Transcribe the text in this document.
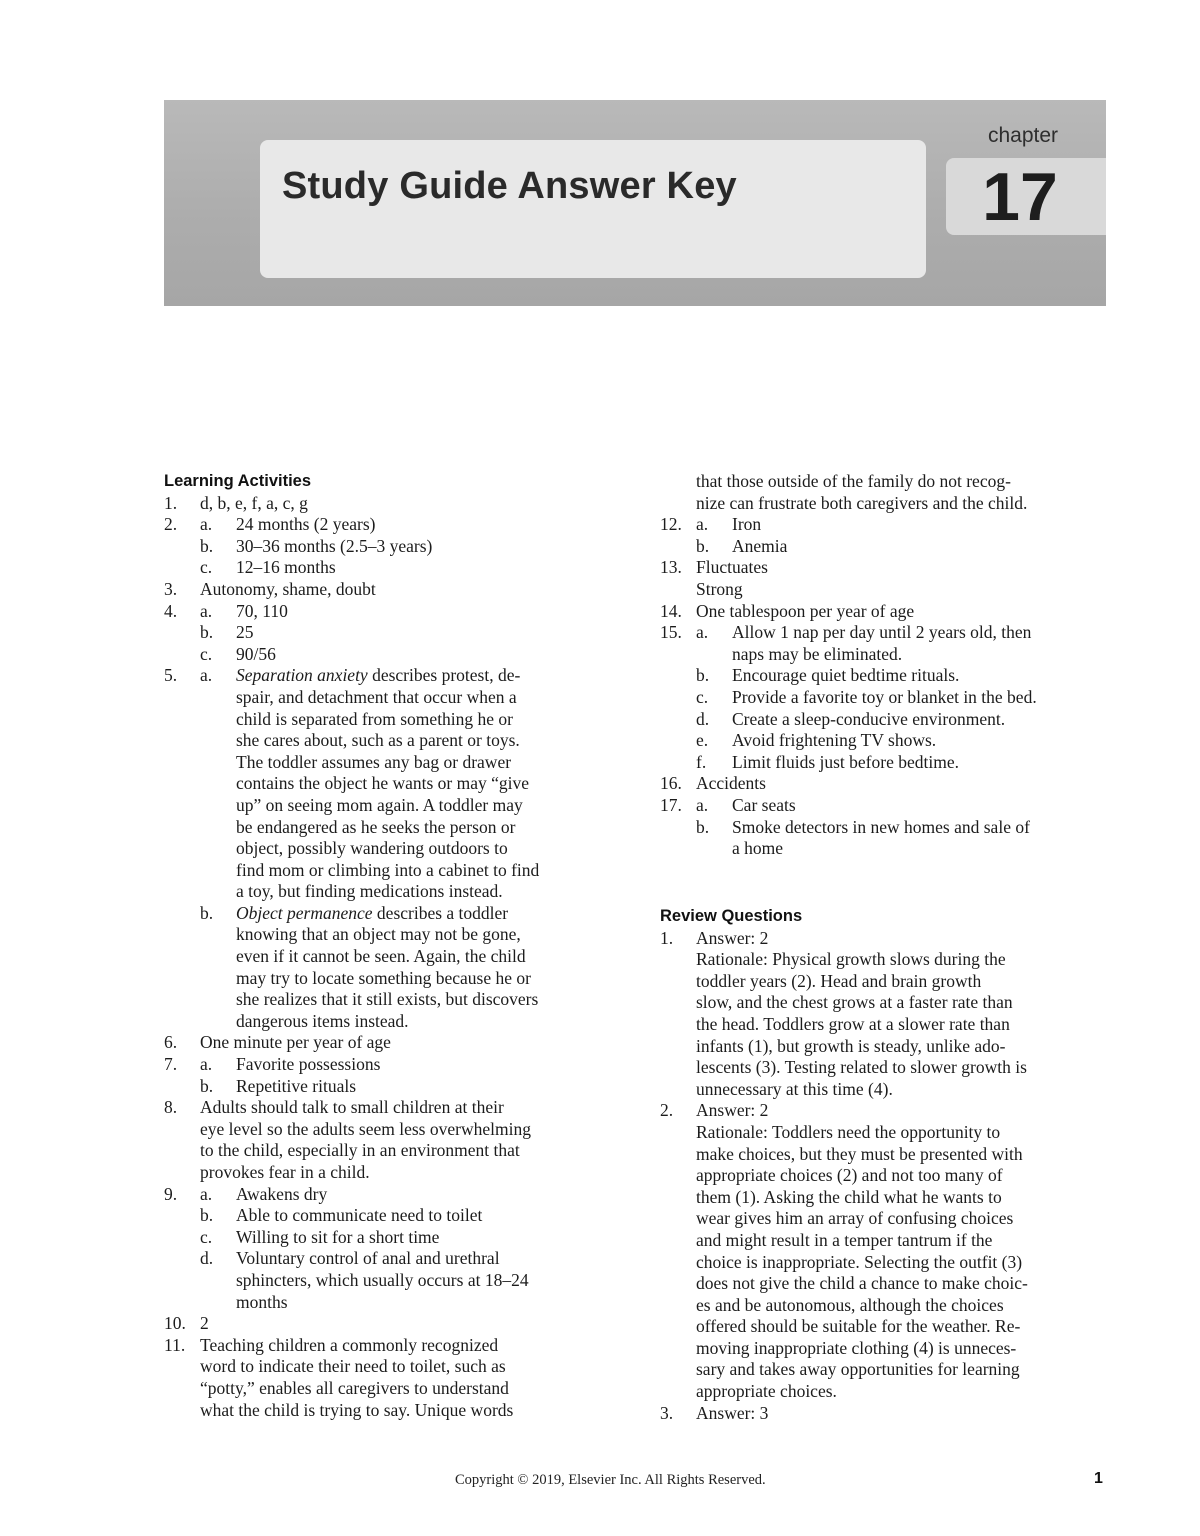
Study Guide Answer Key
chapter
17
Learning Activities
1. d, b, e, f, a, c, g
2. a. 24 months (2 years)
b. 30–36 months (2.5–3 years)
c. 12–16 months
3. Autonomy, shame, doubt
4. a. 70, 110
b. 25
c. 90/56
5. a. Separation anxiety describes protest, de-
spair, and detachment that occur when a
child is separated from something he or
she cares about, such as a parent or toys.
The toddler assumes any bag or drawer
contains the object he wants or may “give
up” on seeing mom again. A toddler may
be endangered as he seeks the person or
object, possibly wandering outdoors to
find mom or climbing into a cabinet to find
a toy, but finding medications instead.
b. Object permanence describes a toddler
knowing that an object may not be gone,
even if it cannot be seen. Again, the child
may try to locate something because he or
she realizes that it still exists, but discovers
dangerous items instead.
6. One minute per year of age
7. a. Favorite possessions
b. Repetitive rituals
8. Adults should talk to small children at their
eye level so the adults seem less overwhelming
to the child, especially in an environment that
provokes fear in a child.
9. a. Awakens dry
b. Able to communicate need to toilet
c. Willing to sit for a short time
d. Voluntary control of anal and urethral
sphincters, which usually occurs at 18–24
months
10. 2
11. Teaching children a commonly recognized
word to indicate their need to toilet, such as
“potty,” enables all caregivers to understand
what the child is trying to say. Unique words
that those outside of the family do not recog-
nize can frustrate both caregivers and the child.
12. a. Iron
b. Anemia
13. Fluctuates
Strong
14. One tablespoon per year of age
15. a. Allow 1 nap per day until 2 years old, then
naps may be eliminated.
b. Encourage quiet bedtime rituals.
c. Provide a favorite toy or blanket in the bed.
d. Create a sleep-conducive environment.
e. Avoid frightening TV shows.
f. Limit fluids just before bedtime.
16. Accidents
17. a. Car seats
b. Smoke detectors in new homes and sale of
a home
Review Questions
1. Answer: 2
Rationale: Physical growth slows during the
toddler years (2). Head and brain growth
slow, and the chest grows at a faster rate than
the head. Toddlers grow at a slower rate than
infants (1), but growth is steady, unlike ado-
lescents (3). Testing related to slower growth is
unnecessary at this time (4).
2. Answer: 2
Rationale: Toddlers need the opportunity to
make choices, but they must be presented with
appropriate choices (2) and not too many of
them (1). Asking the child what he wants to
wear gives him an array of confusing choices
and might result in a temper tantrum if the
choice is inappropriate. Selecting the outfit (3)
does not give the child a chance to make choic-
es and be autonomous, although the choices
offered should be suitable for the weather. Re-
moving inappropriate clothing (4) is unneces-
sary and takes away opportunities for learning
appropriate choices.
3. Answer: 3
Copyright © 2019, Elsevier Inc. All Rights Reserved.	1
